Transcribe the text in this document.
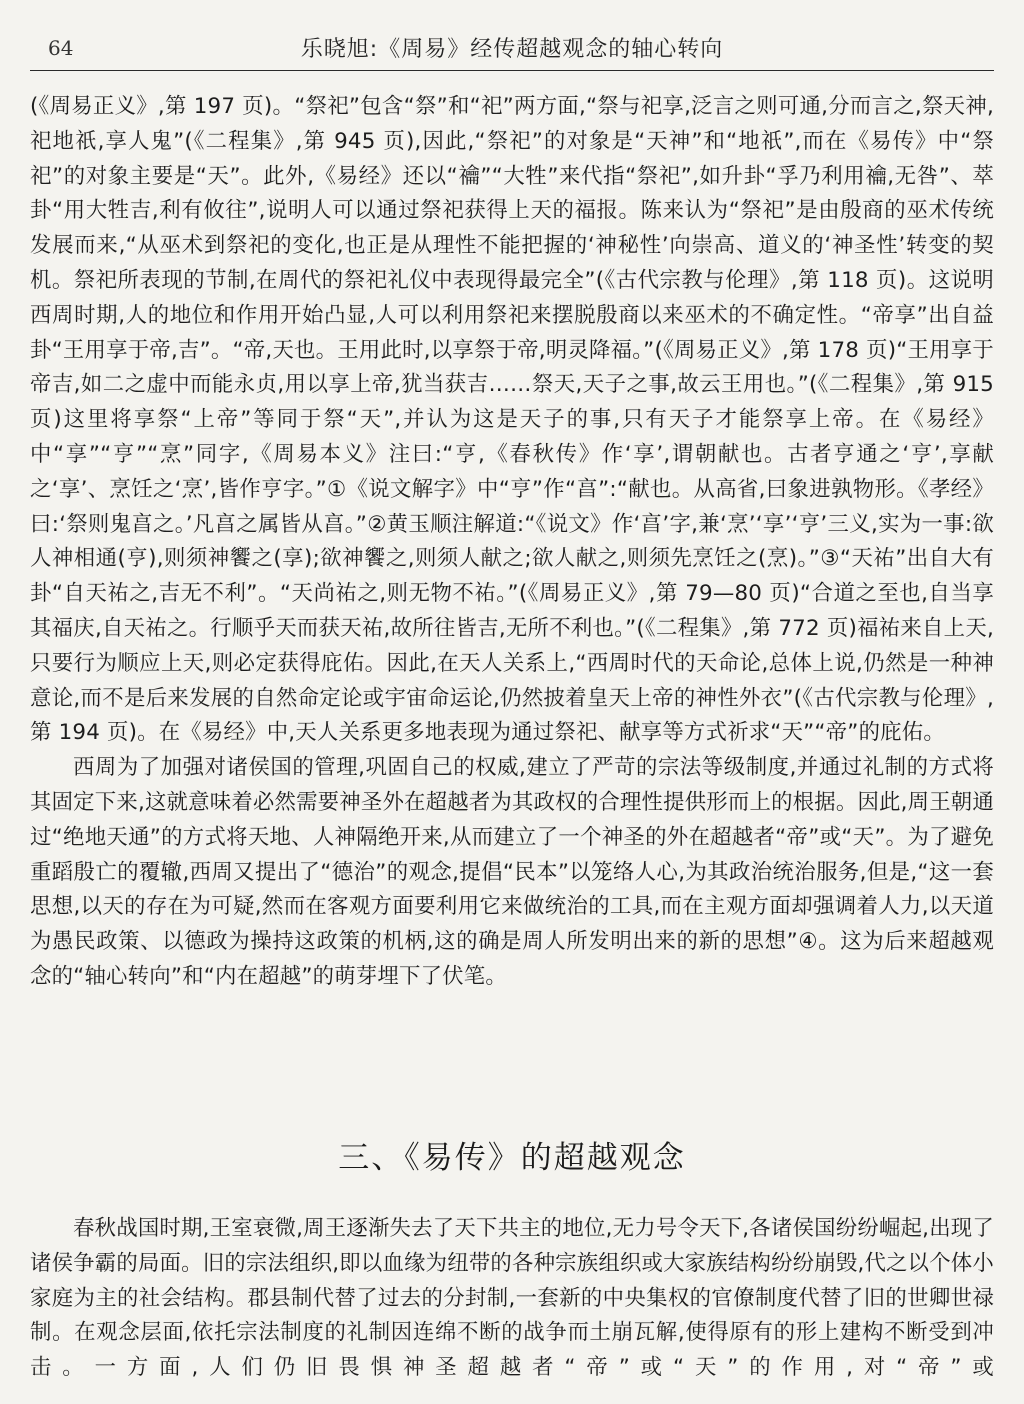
64	乐晓旭:《周易》经传超越观念的轴心转向

(《周易正义》,第 197 页)。“祭祀”包含“祭”和“祀”两方面,“祭与祀享,泛言之则可通,分而言之,祭天神,祀地祇,享人鬼”(《二程集》,第 945 页),因此,“祭祀”的对象是“天神”和“地祇”,而在《易传》中“祭祀”的对象主要是“天”。此外,《易经》还以“禴”“大牲”来代指“祭祀”,如升卦“孚乃利用禴,无咎”、萃卦“用大牲吉,利有攸往”,说明人可以通过祭祀获得上天的福报。陈来认为“祭祀”是由殷商的巫术传统发展而来,“从巫术到祭祀的变化,也正是从理性不能把握的‘神秘性’向崇高、道义的‘神圣性’转变的契机。祭祀所表现的节制,在周代的祭祀礼仪中表现得最完全”(《古代宗教与伦理》,第 118 页)。这说明西周时期,人的地位和作用开始凸显,人可以利用祭祀来摆脱殷商以来巫术的不确定性。“帝享”出自益卦“王用享于帝,吉”。“帝,天也。王用此时,以享祭于帝,明灵降福。”(《周易正义》,第 178 页)“王用享于帝吉,如二之虚中而能永贞,用以享上帝,犹当获吉……祭天,天子之事,故云王用也。”(《二程集》,第 915 页)这里将享祭“上帝”等同于祭“天”,并认为这是天子的事,只有天子才能祭享上帝。在《易经》中“享”“亨”“烹”同字,《周易本义》注曰:“亨,《春秋传》作‘享’,谓朝献也。古者亨通之‘亨’,享献之‘享’、烹饪之‘烹’,皆作亨字。”①《说文解字》中“亨”作“亯”:“献也。从高省,曰象进孰物形。《孝经》曰:‘祭则鬼亯之。’凡亯之属皆从亯。”②黄玉顺注解道:“《说文》作‘亯’字,兼‘烹’‘享’‘亨’三义,实为一事:欲人神相通(亨),则须神饗之(享);欲神饗之,则须人献之;欲人献之,则须先烹饪之(烹)。”③“天祐”出自大有卦“自天祐之,吉无不利”。“天尚祐之,则无物不祐。”(《周易正义》,第 79—80 页)“合道之至也,自当享其福庆,自天祐之。行顺乎天而获天祐,故所往皆吉,无所不利也。”(《二程集》,第 772 页)福祐来自上天,只要行为顺应上天,则必定获得庇佑。因此,在天人关系上,“西周时代的天命论,总体上说,仍然是一种神意论,而不是后来发展的自然命定论或宇宙命运论,仍然披着皇天上帝的神性外衣”(《古代宗教与伦理》,第 194 页)。在《易经》中,天人关系更多地表现为通过祭祀、献享等方式祈求“天”“帝”的庇佑。

西周为了加强对诸侯国的管理,巩固自己的权威,建立了严苛的宗法等级制度,并通过礼制的方式将其固定下来,这就意味着必然需要神圣外在超越者为其政权的合理性提供形而上的根据。因此,周王朝通过“绝地天通”的方式将天地、人神隔绝开来,从而建立了一个神圣的外在超越者“帝”或“天”。为了避免重蹈殷亡的覆辙,西周又提出了“德治”的观念,提倡“民本”以笼络人心,为其政治统治服务,但是,“这一套思想,以天的存在为可疑,然而在客观方面要利用它来做统治的工具,而在主观方面却强调着人力,以天道为愚民政策、以德政为操持这政策的机柄,这的确是周人所发明出来的新的思想”④。这为后来超越观念的“轴心转向”和“内在超越”的萌芽埋下了伏笔。

三、《易传》的超越观念

春秋战国时期,王室衰微,周王逐渐失去了天下共主的地位,无力号令天下,各诸侯国纷纷崛起,出现了诸侯争霸的局面。旧的宗法组织,即以血缘为纽带的各种宗族组织或大家族结构纷纷崩毁,代之以个体小家庭为主的社会结构。郡县制代替了过去的分封制,一套新的中央集权的官僚制度代替了旧的世卿世禄制。在观念层面,依托宗法制度的礼制因连绵不断的战争而土崩瓦解,使得原有的形上建构不断受到冲击。一方面,人们仍旧畏惧神圣超越者“帝”或“天”的作用,对“帝”或
